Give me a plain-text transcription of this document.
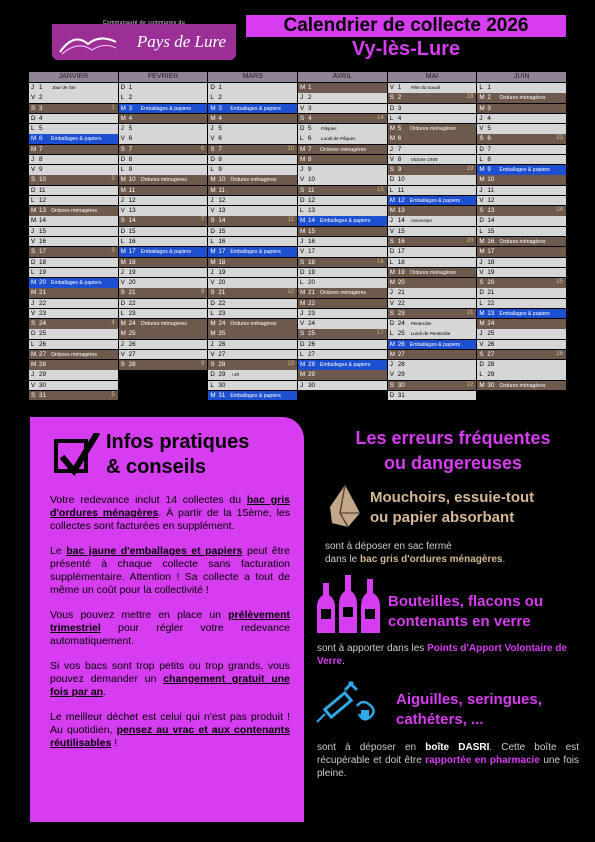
Communauté de communes du
Pays de Lure
Calendrier de collecte 2026
Vy-lès-Lure
JANVIER
J 1 Jour de l'an
V 2
S 3	1
D 4
L 5
M 6 Emballages & papiers
M 7
J 8
V 9
S 10	2
D 11
L 12
M 13 Ordures ménagères
M 14
J 15
V 16
S 17	3
D 18
L 19
M 20 Emballages & papiers
M 21
J 22
V 23
S 24	4
D 25
L 26
M 27 Ordures ménagères
M 28
J 29
V 30
S 31	5
FEVRIER
D 1
L 2
M 3 Emballages & papiers
M 4
J 5
V 6
S 7	6
D 8
L 9
M 10 Ordures ménagères
M 11
J 12
V 13
S 14	7
D 15
L 16
M 17 Emballages & papiers
M 18
J 19
V 20
S 21	8
D 22
L 23
M 24 Ordures ménagères
M 25
J 26
V 27
S 28	9
MARS
D 1
L 2
M 3 Emballages & papiers
M 4
J 5
V 6
S 7	10
D 8
L 9
M 10 Ordures ménagères
M 11
J 12
V 13
S 14	11
D 15
L 16
M 17 Emballages & papiers
M 18
J 19
V 20
S 21	12
D 22
L 23
M 24 Ordures ménagères
M 25
J 26
V 27
S 28	13
D 29 +1h
L 30
M 31 Emballages & papiers
AVRIL
M 1
J 2
V 3
S 4	14
D 5 Pâques
L 6 Lundi de Pâques
M 7 Ordures ménagères
M 8
J 9
V 10
S 11	15
D 12
L 13
M 14 Emballages & papiers
M 15
J 16
V 17
S 18	16
D 19
L 20
M 21 Ordures ménagères
M 22
J 23
V 24
S 25	17
D 26
L 27
M 28 Emballages & papiers
M 29
J 30
MAI
V 1 Fête du travail
S 2	18
D 3
L 4
M 5 Ordures ménagères
M 6
J 7
V 8 Victoire 1945
S 9	19
D 10
L 11
M 12 Emballages & papiers
M 13
J 14 Ascension
V 15
S 16	20
D 17
L 18
M 19 Ordures ménagères
M 20
J 21
V 22
S 23	21
D 24 Pentecôte
L 25 Lundi de Pentecôte
M 26 Emballages & papiers
M 27
J 28
V 29
S 30	22
D 31
JUIN
L 1
M 2 Ordures ménagères
M 3
J 4
V 5
S 6	23
D 7
L 8
M 9 Emballages & papiers
M 10
J 11
V 12
S 13	24
D 14
L 15
M 16 Ordures ménagères
M 17
J 18
V 19
S 20	25
D 21
L 22
M 23 Emballages & papiers
M 24
J 25
V 26
S 27	26
D 28
L 29
M 30 Ordures ménagères
Infos pratiques
& conseils

Votre redevance inclut 14 collectes du bac gris d'ordures ménagères. À partir de la 15ème, les collectes sont facturées en supplément.

Le bac jaune d'emballages et papiers peut être présenté à chaque collecte sans facturation supplémentaire. Attention ! Sa collecte a tout de même un coût pour la collectivité !

Vous pouvez mettre en place un prélèvement trimestriel pour régler votre redevance automatiquement.

Si vos bacs sont trop petits ou trop grands, vous pouvez demander un changement gratuit une fois par an.

Le meilleur déchet est celui qui n'est pas produit ! Au quotidien, pensez au vrac et aux contenants réutilisables !

Les erreurs fréquentes
ou dangereuses
Mouchoirs, essuie-tout
ou papier absorbant
sont à déposer en sac fermé
dans le bac gris d'ordures ménagères.
Bouteilles, flacons ou
contenants en verre
sont à apporter dans les Points d'Apport Volontaire de Verre.
Aiguilles, seringues,
cathéters, ...
sont à déposer en boîte DASRI. Cette boîte est récupérable et doit être rapportée en pharmacie une fois pleine.
